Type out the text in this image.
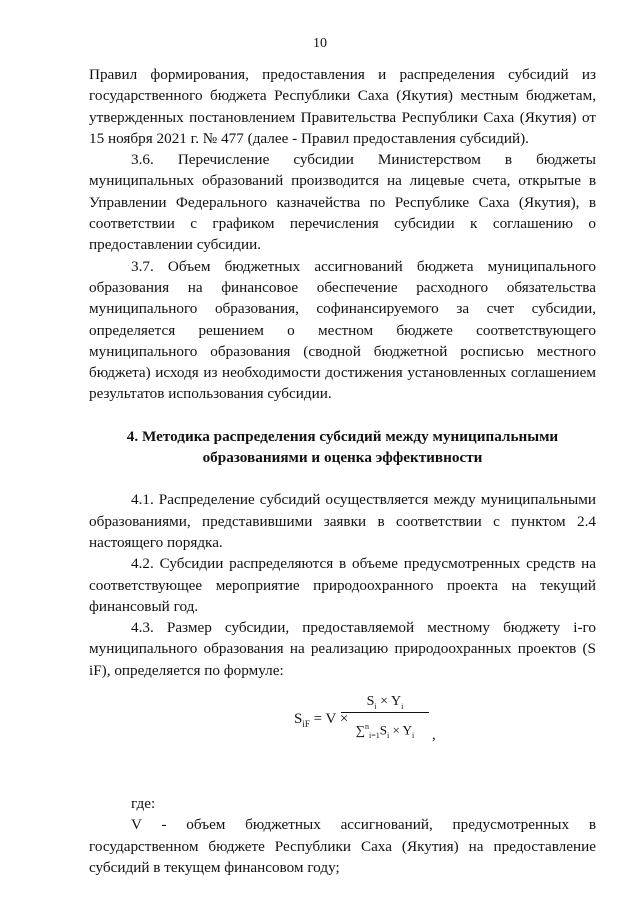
10

Правил формирования, предоставления и распределения субсидий из государственного бюджета Республики Саха (Якутия) местным бюджетам, утвержденных постановлением Правительства Республики Саха (Якутия) от 15 ноября 2021 г. № 477 (далее - Правил предоставления субсидий).

3.6. Перечисление субсидии Министерством в бюджеты муниципальных образований производится на лицевые счета, открытые в Управлении Федерального казначейства по Республике Саха (Якутия), в соответствии с графиком перечисления субсидии к соглашению о предоставлении субсидии.

3.7. Объем бюджетных ассигнований бюджета муниципального образования на финансовое обеспечение расходного обязательства муниципального образования, софинансируемого за счет субсидии, определяется решением о местном бюджете соответствующего муниципального образования (сводной бюджетной росписью местного бюджета) исходя из необходимости достижения установленных соглашением результатов использования субсидии.

4. Методика распределения субсидий между муниципальными
образованиями и оценка эффективности

4.1. Распределение субсидий осуществляется между муниципальными образованиями, представившими заявки в соответствии с пунктом 2.4 настоящего порядка.

4.2. Субсидии распределяются в объеме предусмотренных средств на соответствующее мероприятие природоохранного проекта на текущий финансовый год.

4.3. Размер субсидии, предоставляемой местному бюджету i-го муниципального образования на реализацию природоохранных проектов (S iF), определяется по формуле:

$S_{iF} = V$ ×
$S_i \times Y_i$
$\sum^n_{i=1}S_i \times Y_i$	,

где:

V - объем бюджетных ассигнований, предусмотренных в государственном бюджете Республики Саха (Якутия) на предоставление субсидий в текущем финансовом году;
